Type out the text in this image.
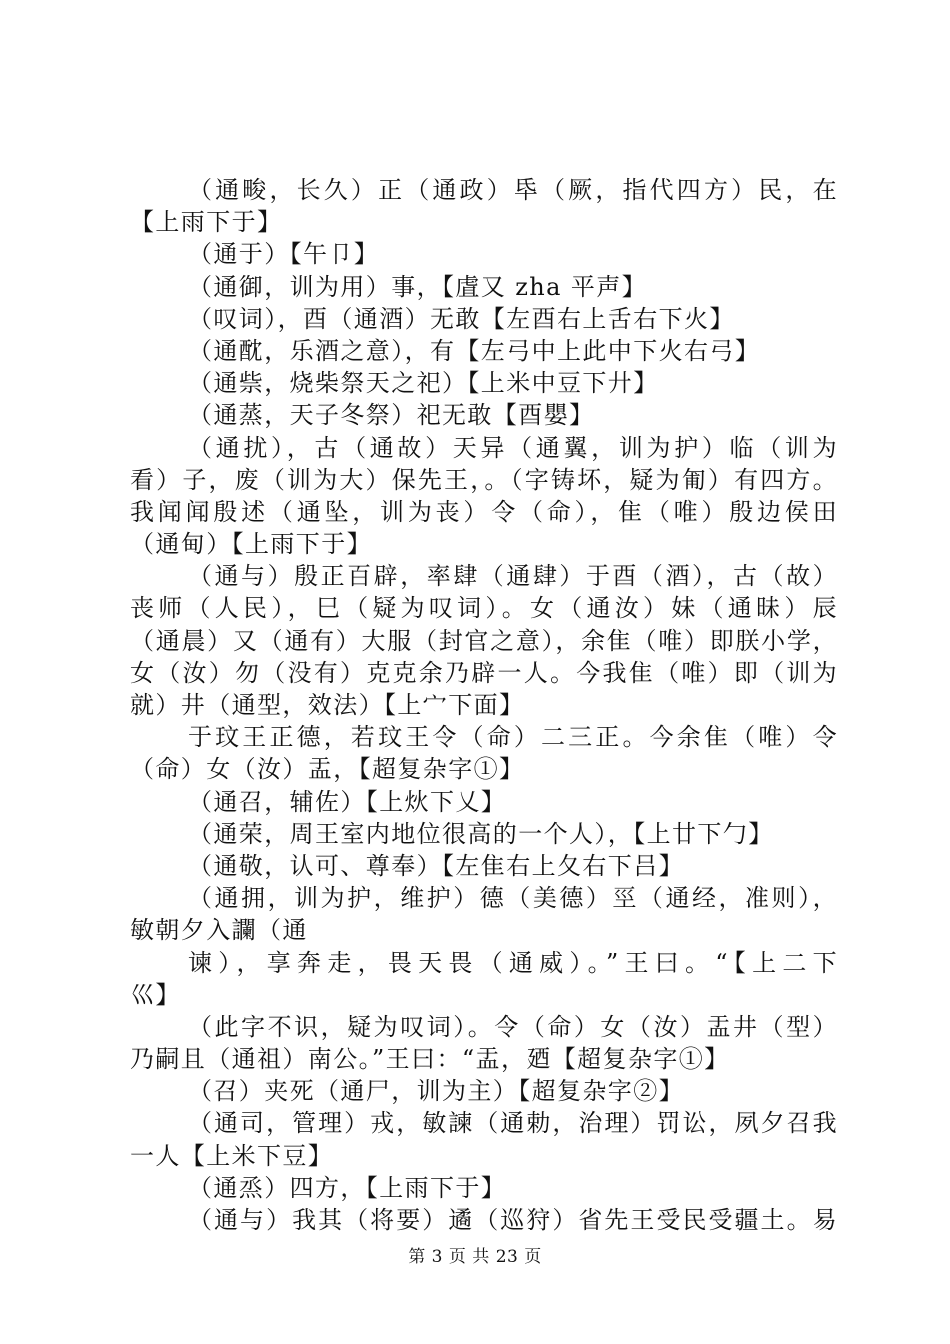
（通畯，长久）正（通政）氒（厥，指代四方）民，在
【上雨下于】
（通于）【午卩】
（通御，训为用）事，【虘又 zha 平声】
（叹词），酉（通酒）无敢【左酉右上舌右下火】
（通酖，乐酒之意），有【左弓中上此中下火右弓】
（通祡，烧柴祭天之祀）【上米中豆下廾】
（通蒸，天子冬祭）祀无敢【酉嬰】
（通扰），古（通故）天异（通翼，训为护）临（训为
看）子，废（训为大）保先王，。（字铸坏，疑为匍）有四方。
我闻闻殷述（通坠，训为丧）令（命），隹（唯）殷边侯田
（通甸）【上雨下于】
（通与）殷正百辟，率肆（通肆）于酉（酒），古（故）
丧师（人民），巳（疑为叹词）。女（通汝）妹（通昧）辰
（通晨）又（通有）大服（封官之意），余隹（唯）即朕小学，
女（汝）勿（没有）克克余乃辟一人。今我隹（唯）即（训为
就）井（通型，效法）【上宀下面】
于玟王正德，若玟王令（命）二三正。今余隹（唯）令
（命）女（汝）盂，【超复杂字①】
（通召，辅佐）【上炏下乂】
（通荣，周王室内地位很高的一个人），【上廿下勹】
（通敬，认可、尊奉）【左隹右上夂右下吕】
（通拥，训为护，维护）德（美德）巠（通经，准则），
敏朝夕入讕（通
谏），享奔走，畏天畏（通威）。”王曰。“【上二下
巛】
（此字不识，疑为叹词）。令（命）女（汝）盂井（型）
乃嗣且（通祖）南公。”王曰：“盂，廼【超复杂字①】
（召）夹死（通尸，训为主）【超复杂字②】
（通司，管理）戎，敏諫（通勅，治理）罚讼，夙夕召我
一人【上米下豆】
（通烝）四方，【上雨下于】
（通与）我其（将要）遹（巡狩）省先王受民受疆土。易
第 3 页 共 23 页
